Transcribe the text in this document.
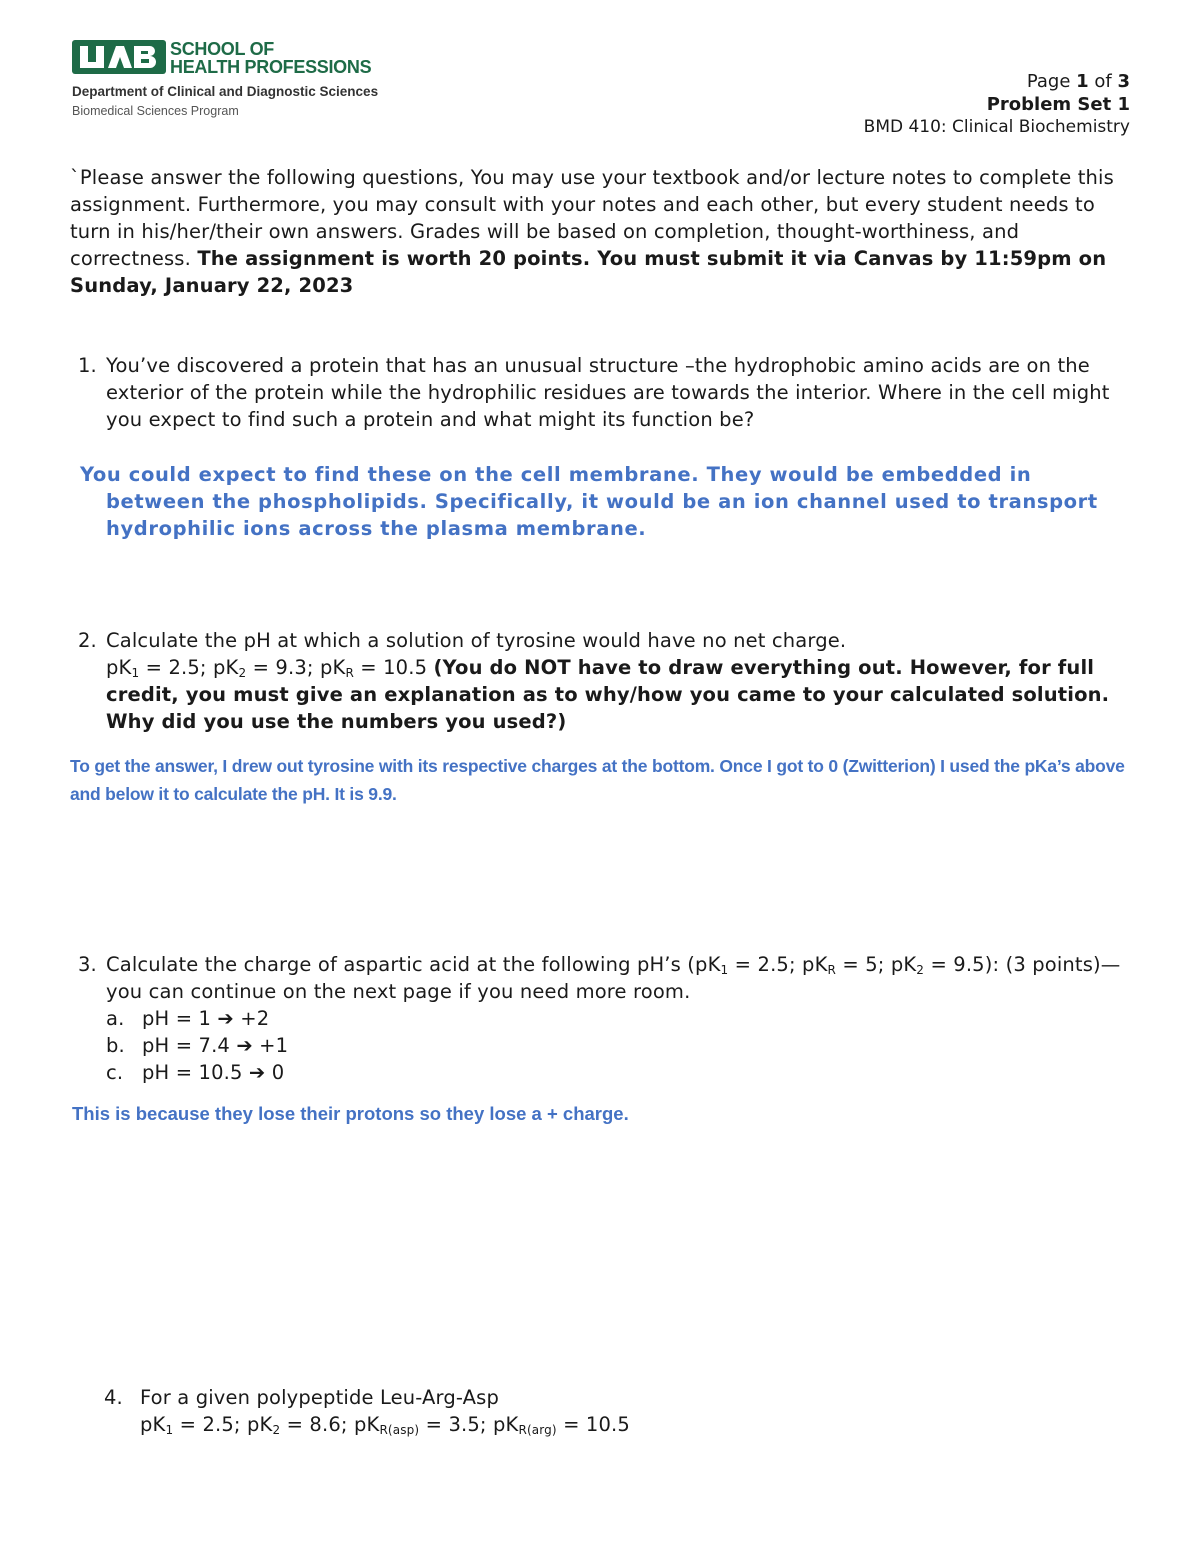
SCHOOL OF
HEALTH PROFESSIONS
Department of Clinical and Diagnostic Sciences
Biomedical Sciences Program
Page 1 of 3
Problem Set 1
BMD 410: Clinical Biochemistry
`Please answer the following questions, You may use your textbook and/or lecture notes to complete this assignment. Furthermore, you may consult with your notes and each other, but every student needs to turn in his/her/their own answers. Grades will be based on completion, thought-worthiness, and correctness. The assignment is worth 20 points. You must submit it via Canvas by 11:59pm on Sunday, January 22, 2023
1. You’ve discovered a protein that has an unusual structure –the hydrophobic amino acids are on the exterior of the protein while the hydrophilic residues are towards the interior. Where in the cell might you expect to find such a protein and what might its function be?
You could expect to find these on the cell membrane. They would be embedded in
between the phospholipids. Specifically, it would be an ion channel used to transport hydrophilic ions across the plasma membrane.
2. Calculate the pH at which a solution of tyrosine would have no net charge.
$pK_1 = 2.5$; $pK_2 = 9.3$; $pK_R = 10.5$ (You do NOT have to draw everything out. However, for full credit, you must give an explanation as to why/how you came to your calculated solution. Why did you use the numbers you used?)
To get the answer, I drew out tyrosine with its respective charges at the bottom. Once I got to 0 (Zwitterion) I used the pKa’s above and below it to calculate the pH. It is 9.9.
3. Calculate the charge of aspartic acid at the following pH’s ($pK_1 = 2.5$; $pK_R = 5$; $pK_2 = 9.5$): (3 points)—you can continue on the next page if you need more room.
a. pH = 1 ➔ +2
b. pH = 7.4 ➔ +1
c. pH = 10.5 ➔ 0
This is because they lose their protons so they lose a + charge.
4. For a given polypeptide Leu-Arg-Asp
$pK_1 = 2.5$; $pK_2 = 8.6$; $pK_{R(asp)} = 3.5$; $pK_{R(arg)} = 10.5$
